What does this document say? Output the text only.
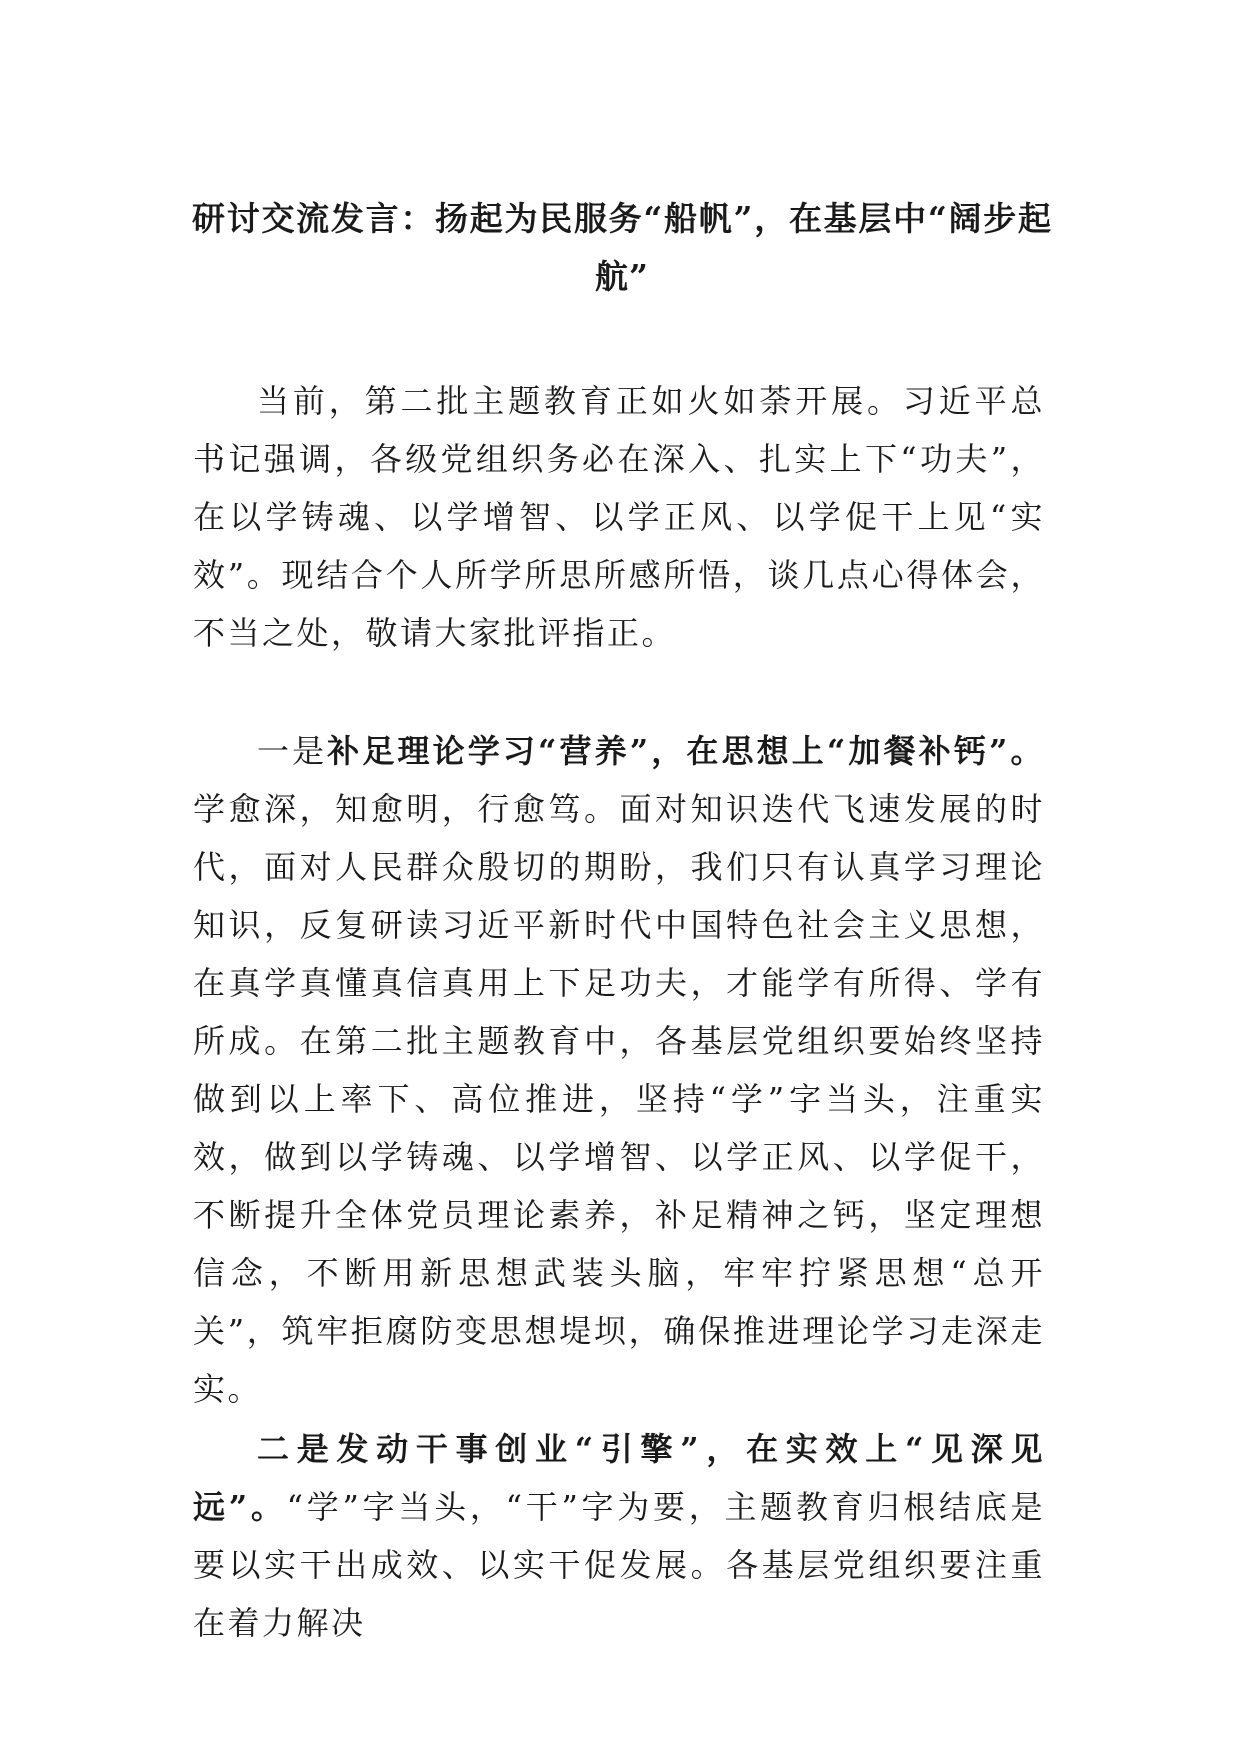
研讨交流发言：扬起为民服务“船帆”，在基层中“阔步起航”

当前，第二批主题教育正如火如荼开展。习近平总书记强调，各级党组织务必在深入、扎实上下“功夫”，在以学铸魂、以学增智、以学正风、以学促干上见“实效”。现结合个人所学所思所感所悟，谈几点心得体会，不当之处，敬请大家批评指正。

一是补足理论学习“营养”，在思想上“加餐补钙”。学愈深，知愈明，行愈笃。面对知识迭代飞速发展的时代，面对人民群众殷切的期盼，我们只有认真学习理论知识，反复研读习近平新时代中国特色社会主义思想，在真学真懂真信真用上下足功夫，才能学有所得、学有所成。在第二批主题教育中，各基层党组织要始终坚持做到以上率下、高位推进，坚持“学”字当头，注重实效，做到以学铸魂、以学增智、以学正风、以学促干，不断提升全体党员理论素养，补足精神之钙，坚定理想信念，不断用新思想武装头脑，牢牢拧紧思想“总开关”，筑牢拒腐防变思想堤坝，确保推进理论学习走深走实。

二是发动干事创业“引擎”，在实效上“见深见远”。“学”字当头，“干”字为要，主题教育归根结底是要以实干出成效、以实干促发展。各基层党组织要注重在着力解决
